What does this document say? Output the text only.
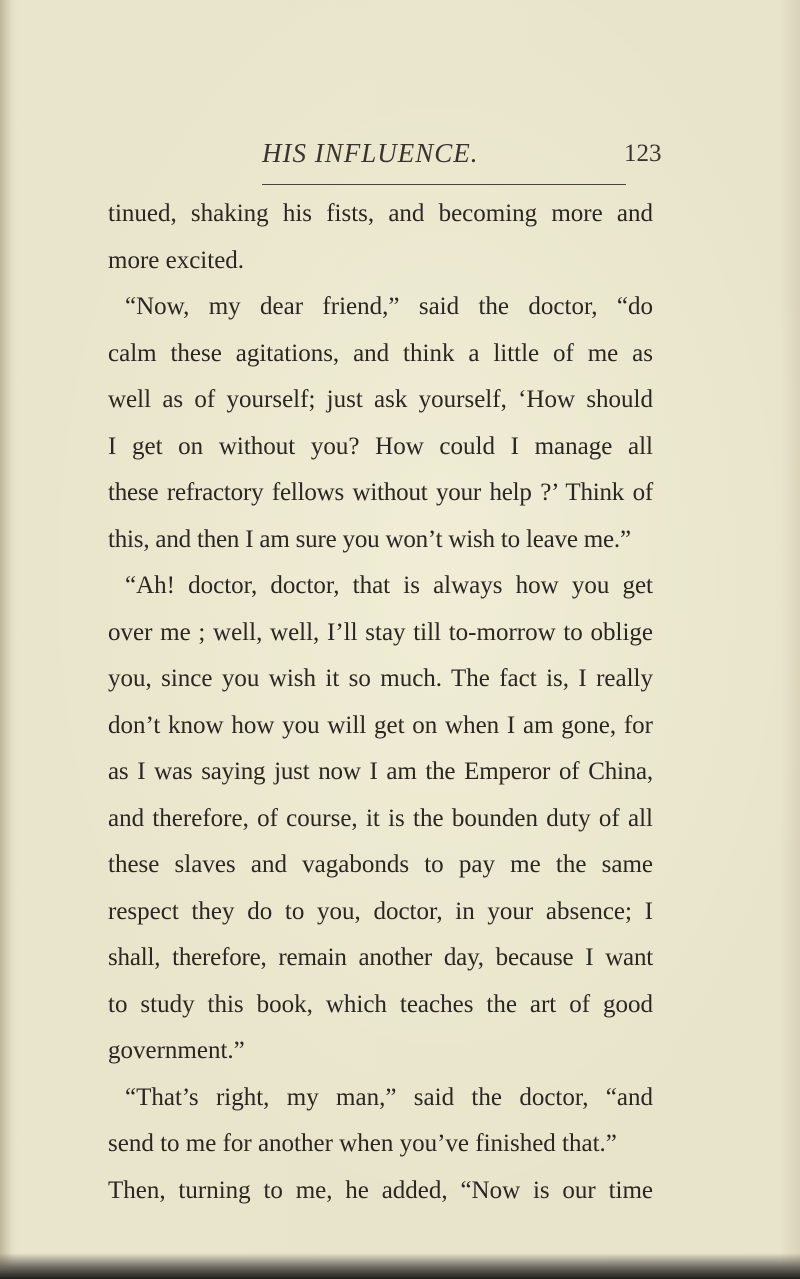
HIS INFLUENCE.	123
tinued, shaking his fists, and becoming more and
more excited.
“Now, my dear friend,” said the doctor, “do
calm these agitations, and think a little of me as
well as of yourself; just ask yourself, ‘How should
I get on without you? How could I manage all
these refractory fellows without your help ?’ Think of
this, and then I am sure you won’t wish to leave me.”
“Ah! doctor, doctor, that is always how you get
over me ; well, well, I’ll stay till to-morrow to oblige
you, since you wish it so much. The fact is, I really
don’t know how you will get on when I am gone, for
as I was saying just now I am the Emperor of China,
and therefore, of course, it is the bounden duty of all
these slaves and vagabonds to pay me the same
respect they do to you, doctor, in your absence; I
shall, therefore, remain another day, because I want
to study this book, which teaches the art of good
government.”
“That’s right, my man,” said the doctor, “and
send to me for another when you’ve finished that.”
Then, turning to me, he added, “Now is our time
